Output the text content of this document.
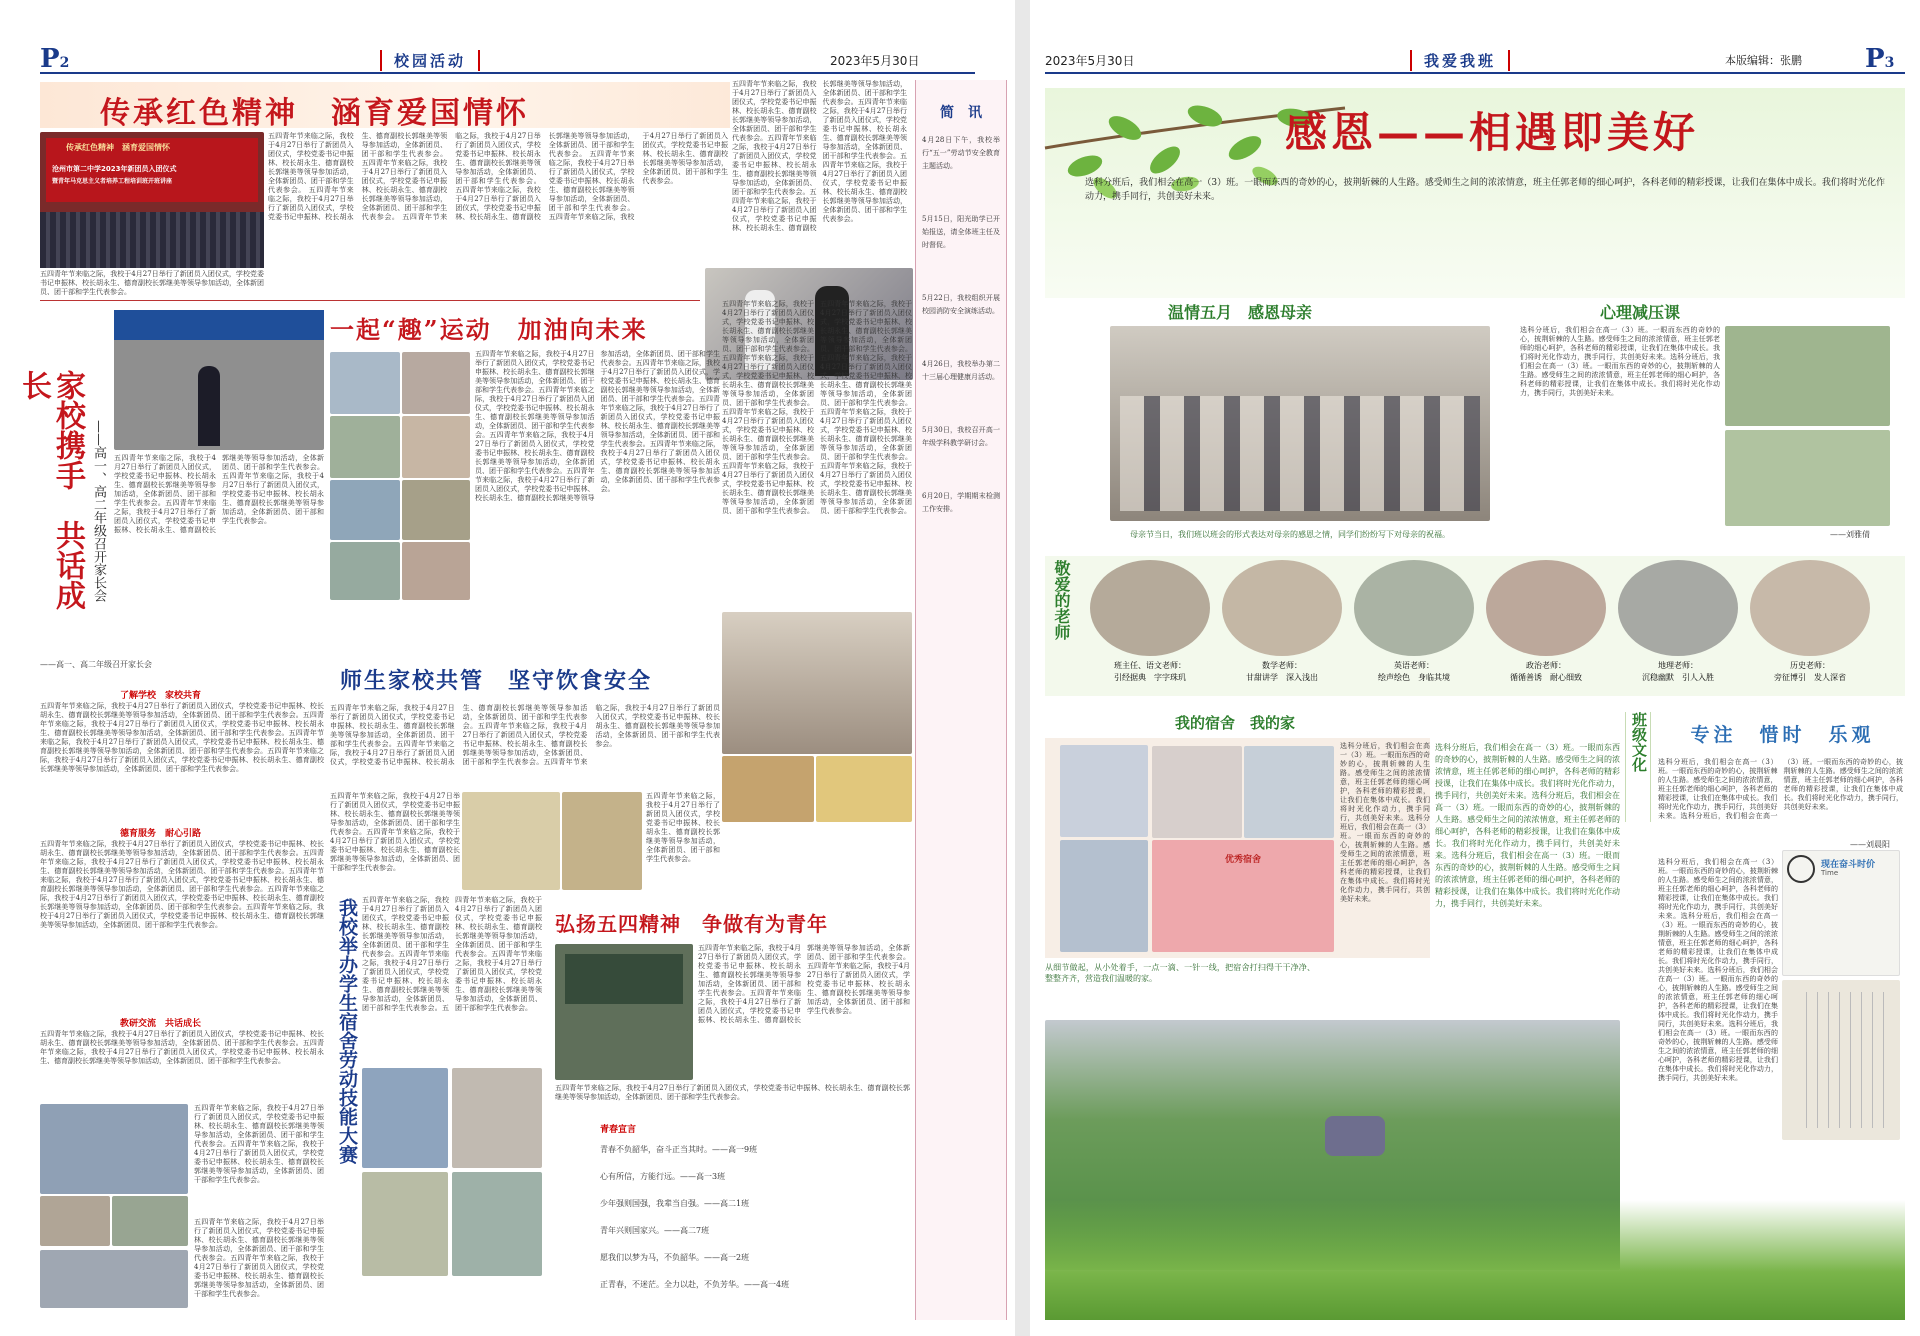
P2	校园活动	2023年5月30日
传承红色精神　涵育爱国情怀
传承红色精神　涵育爱国情怀
沧州市第二中学2023年新团员入团仪式
暨青年马克思主义者培养工程培训班开班讲座
五四青年节来临之际，我校于4月27日举行了新团员入团仪式，学校党委书记申振林、校长胡永生、德育副校长郭继美等领导参加活动，全体新团员、团干部和学生代表参会。 五四青年节来临之际，我校于4月27日举行了新团员入团仪式，学校党委书记申振林、校长胡永生、德育副校长郭继美等领导参加活动，全体新团员、团干部和学生代表参会。 五四青年节来临之际，我校于4月27日举行了新团员入团仪式，学校党委书记申振林、校长胡永生、德育副校长郭继美等领导参加活动，全体新团员、团干部和学生代表参会。 五四青年节来临之际，我校于4月27日举行了新团员入团仪式，学校党委书记申振林、校长胡永生、德育副校长郭继美等领导参加活动，全体新团员、团干部和学生代表参会。 五四青年节来临之际，我校于4月27日举行了新团员入团仪式，学校党委书记申振林、校长胡永生、德育副校长郭继美等领导参加活动，全体新团员、团干部和学生代表参会。 五四青年节来临之际，我校于4月27日举行了新团员入团仪式，学校党委书记申振林、校长胡永生、德育副校长郭继美等领导参加活动，全体新团员、团干部和学生代表参会。 五四青年节来临之际，我校于4月27日举行了新团员入团仪式，学校党委书记申振林、校长胡永生、德育副校长郭继美等领导参加活动，全体新团员、团干部和学生代表参会。
五四青年节来临之际，我校于4月27日举行了新团员入团仪式，学校党委书记申振林、校长胡永生、德育副校长郭继美等领导参加活动，全体新团员、团干部和学生代表参会。
五四青年节来临之际，我校于4月27日举行了新团员入团仪式，学校党委书记申振林、校长胡永生、德育副校长郭继美等领导参加活动，全体新团员、团干部和学生代表参会。五四青年节来临之际，我校于4月27日举行了新团员入团仪式，学校党委书记申振林、校长胡永生、德育副校长郭继美等领导参加活动，全体新团员、团干部和学生代表参会。五四青年节来临之际，我校于4月27日举行了新团员入团仪式，学校党委书记申振林、校长胡永生、德育副校长郭继美等领导参加活动，全体新团员、团干部和学生代表参会。五四青年节来临之际，我校于4月27日举行了新团员入团仪式，学校党委书记申振林、校长胡永生、德育副校长郭继美等领导参加活动，全体新团员、团干部和学生代表参会。五四青年节来临之际，我校于4月27日举行了新团员入团仪式，学校党委书记申振林、校长胡永生、德育副校长郭继美等领导参加活动，全体新团员、团干部和学生代表参会。
家校携手　共话成长
——高一、高二年级召开家长会 五四青年节来临之际，我校于4月27日举行了新团员入团仪式，学校党委书记申振林、校长胡永生、德育副校长郭继美等领导参加活动，全体新团员、团干部和学生代表参会。五四青年节来临之际，我校于4月27日举行了新团员入团仪式，学校党委书记申振林、校长胡永生、德育副校长郭继美等领导参加活动，全体新团员、团干部和学生代表参会。五四青年节来临之际，我校于4月27日举行了新团员入团仪式，学校党委书记申振林、校长胡永生、德育副校长郭继美等领导参加活动，全体新团员、团干部和学生代表参会。
一起“趣”运动　加油向未来
五四青年节来临之际，我校于4月27日举行了新团员入团仪式，学校党委书记申振林、校长胡永生、德育副校长郭继美等领导参加活动，全体新团员、团干部和学生代表参会。五四青年节来临之际，我校于4月27日举行了新团员入团仪式，学校党委书记申振林、校长胡永生、德育副校长郭继美等领导参加活动，全体新团员、团干部和学生代表参会。五四青年节来临之际，我校于4月27日举行了新团员入团仪式，学校党委书记申振林、校长胡永生、德育副校长郭继美等领导参加活动，全体新团员、团干部和学生代表参会。五四青年节来临之际，我校于4月27日举行了新团员入团仪式，学校党委书记申振林、校长胡永生、德育副校长郭继美等领导参加活动，全体新团员、团干部和学生代表参会。五四青年节来临之际，我校于4月27日举行了新团员入团仪式，学校党委书记申振林、校长胡永生、德育副校长郭继美等领导参加活动，全体新团员、团干部和学生代表参会。五四青年节来临之际，我校于4月27日举行了新团员入团仪式，学校党委书记申振林、校长胡永生、德育副校长郭继美等领导参加活动，全体新团员、团干部和学生代表参会。五四青年节来临之际，我校于4月27日举行了新团员入团仪式，学校党委书记申振林、校长胡永生、德育副校长郭继美等领导参加活动，全体新团员、团干部和学生代表参会。
五四青年节来临之际，我校于4月27日举行了新团员入团仪式，学校党委书记申振林、校长胡永生、德育副校长郭继美等领导参加活动，全体新团员、团干部和学生代表参会。五四青年节来临之际，我校于4月27日举行了新团员入团仪式，学校党委书记申振林、校长胡永生、德育副校长郭继美等领导参加活动，全体新团员、团干部和学生代表参会。五四青年节来临之际，我校于4月27日举行了新团员入团仪式，学校党委书记申振林、校长胡永生、德育副校长郭继美等领导参加活动，全体新团员、团干部和学生代表参会。五四青年节来临之际，我校于4月27日举行了新团员入团仪式，学校党委书记申振林、校长胡永生、德育副校长郭继美等领导参加活动，全体新团员、团干部和学生代表参会。五四青年节来临之际，我校于4月27日举行了新团员入团仪式，学校党委书记申振林、校长胡永生、德育副校长郭继美等领导参加活动，全体新团员、团干部和学生代表参会。五四青年节来临之际，我校于4月27日举行了新团员入团仪式，学校党委书记申振林、校长胡永生、德育副校长郭继美等领导参加活动，全体新团员、团干部和学生代表参会。五四青年节来临之际，我校于4月27日举行了新团员入团仪式，学校党委书记申振林、校长胡永生、德育副校长郭继美等领导参加活动，全体新团员、团干部和学生代表参会。五四青年节来临之际，我校于4月27日举行了新团员入团仪式，学校党委书记申振林、校长胡永生、德育副校长郭继美等领导参加活动，全体新团员、团干部和学生代表参会。
——高一、高二年级召开家长会
了解学校　家校共育
五四青年节来临之际，我校于4月27日举行了新团员入团仪式，学校党委书记申振林、校长胡永生、德育副校长郭继美等领导参加活动，全体新团员、团干部和学生代表参会。五四青年节来临之际，我校于4月27日举行了新团员入团仪式，学校党委书记申振林、校长胡永生、德育副校长郭继美等领导参加活动，全体新团员、团干部和学生代表参会。五四青年节来临之际，我校于4月27日举行了新团员入团仪式，学校党委书记申振林、校长胡永生、德育副校长郭继美等领导参加活动，全体新团员、团干部和学生代表参会。五四青年节来临之际，我校于4月27日举行了新团员入团仪式，学校党委书记申振林、校长胡永生、德育副校长郭继美等领导参加活动，全体新团员、团干部和学生代表参会。
德育服务　耐心引路
五四青年节来临之际，我校于4月27日举行了新团员入团仪式，学校党委书记申振林、校长胡永生、德育副校长郭继美等领导参加活动，全体新团员、团干部和学生代表参会。五四青年节来临之际，我校于4月27日举行了新团员入团仪式，学校党委书记申振林、校长胡永生、德育副校长郭继美等领导参加活动，全体新团员、团干部和学生代表参会。五四青年节来临之际，我校于4月27日举行了新团员入团仪式，学校党委书记申振林、校长胡永生、德育副校长郭继美等领导参加活动，全体新团员、团干部和学生代表参会。五四青年节来临之际，我校于4月27日举行了新团员入团仪式，学校党委书记申振林、校长胡永生、德育副校长郭继美等领导参加活动，全体新团员、团干部和学生代表参会。五四青年节来临之际，我校于4月27日举行了新团员入团仪式，学校党委书记申振林、校长胡永生、德育副校长郭继美等领导参加活动，全体新团员、团干部和学生代表参会。
教研交流　共话成长
五四青年节来临之际，我校于4月27日举行了新团员入团仪式，学校党委书记申振林、校长胡永生、德育副校长郭继美等领导参加活动，全体新团员、团干部和学生代表参会。五四青年节来临之际，我校于4月27日举行了新团员入团仪式，学校党委书记申振林、校长胡永生、德育副校长郭继美等领导参加活动，全体新团员、团干部和学生代表参会。
五四青年节来临之际，我校于4月27日举行了新团员入团仪式，学校党委书记申振林、校长胡永生、德育副校长郭继美等领导参加活动，全体新团员、团干部和学生代表参会。五四青年节来临之际，我校于4月27日举行了新团员入团仪式，学校党委书记申振林、校长胡永生、德育副校长郭继美等领导参加活动，全体新团员、团干部和学生代表参会。
五四青年节来临之际，我校于4月27日举行了新团员入团仪式，学校党委书记申振林、校长胡永生、德育副校长郭继美等领导参加活动，全体新团员、团干部和学生代表参会。五四青年节来临之际，我校于4月27日举行了新团员入团仪式，学校党委书记申振林、校长胡永生、德育副校长郭继美等领导参加活动，全体新团员、团干部和学生代表参会。
师生家校共管　坚守饮食安全
五四青年节来临之际，我校于4月27日举行了新团员入团仪式，学校党委书记申振林、校长胡永生、德育副校长郭继美等领导参加活动，全体新团员、团干部和学生代表参会。五四青年节来临之际，我校于4月27日举行了新团员入团仪式，学校党委书记申振林、校长胡永生、德育副校长郭继美等领导参加活动，全体新团员、团干部和学生代表参会。五四青年节来临之际，我校于4月27日举行了新团员入团仪式，学校党委书记申振林、校长胡永生、德育副校长郭继美等领导参加活动，全体新团员、团干部和学生代表参会。五四青年节来临之际，我校于4月27日举行了新团员入团仪式，学校党委书记申振林、校长胡永生、德育副校长郭继美等领导参加活动，全体新团员、团干部和学生代表参会。
五四青年节来临之际，我校于4月27日举行了新团员入团仪式，学校党委书记申振林、校长胡永生、德育副校长郭继美等领导参加活动，全体新团员、团干部和学生代表参会。五四青年节来临之际，我校于4月27日举行了新团员入团仪式，学校党委书记申振林、校长胡永生、德育副校长郭继美等领导参加活动，全体新团员、团干部和学生代表参会。
五四青年节来临之际，我校于4月27日举行了新团员入团仪式，学校党委书记申振林、校长胡永生、德育副校长郭继美等领导参加活动，全体新团员、团干部和学生代表参会。
我校举办学生宿舍劳动技能大赛 五四青年节来临之际，我校于4月27日举行了新团员入团仪式，学校党委书记申振林、校长胡永生、德育副校长郭继美等领导参加活动，全体新团员、团干部和学生代表参会。五四青年节来临之际，我校于4月27日举行了新团员入团仪式，学校党委书记申振林、校长胡永生、德育副校长郭继美等领导参加活动，全体新团员、团干部和学生代表参会。五四青年节来临之际，我校于4月27日举行了新团员入团仪式，学校党委书记申振林、校长胡永生、德育副校长郭继美等领导参加活动，全体新团员、团干部和学生代表参会。五四青年节来临之际，我校于4月27日举行了新团员入团仪式，学校党委书记申振林、校长胡永生、德育副校长郭继美等领导参加活动，全体新团员、团干部和学生代表参会。
弘扬五四精神　争做有为青年
五四青年节来临之际，我校于4月27日举行了新团员入团仪式，学校党委书记申振林、校长胡永生、德育副校长郭继美等领导参加活动，全体新团员、团干部和学生代表参会。五四青年节来临之际，我校于4月27日举行了新团员入团仪式，学校党委书记申振林、校长胡永生、德育副校长郭继美等领导参加活动，全体新团员、团干部和学生代表参会。五四青年节来临之际，我校于4月27日举行了新团员入团仪式，学校党委书记申振林、校长胡永生、德育副校长郭继美等领导参加活动，全体新团员、团干部和学生代表参会。
五四青年节来临之际，我校于4月27日举行了新团员入团仪式，学校党委书记申振林、校长胡永生、德育副校长郭继美等领导参加活动，全体新团员、团干部和学生代表参会。
青春宣言
青春不负韶华，奋斗正当其时。——高一9班
心有所信，方能行远。——高一3班
少年强则国强，我辈当自强。——高二1班
青年兴则国家兴。——高二7班
愿我们以梦为马，不负韶华。——高一2班
正青春，不迷茫。全力以赴，不负芳华。——高一4班
简　讯

4月28日下午，我校举行“五一”劳动节安全教育主题活动。

5月15日，阳光助学已开始报送，请全体班主任及时督促。

5月22日，我校组织开展校园消防安全演练活动。

4月26日，我校举办第二十三届心理健康月活动。

5月30日，我校召开高一年级学科教学研讨会。

6月20日，学期期末检测工作安排。

2023年5月30日	我爱我班	本版编辑：张鹏 P3
感恩——相遇即美好
选科分班后，我们相会在高一（3）班。一眼而东西的奇妙的心，披荆斩棘的人生路。感受师生之间的浓浓情意，班主任郭老师的细心呵护，各科老师的精彩授课，让我们在集体中成长。我们将时光化作动力，携手同行，共创美好未来。
温情五月　感恩母亲
母亲节当日，我们班以班会的形式表达对母亲的感恩之情，同学们纷纷写下对母亲的祝福。
心理减压课
选科分班后，我们相会在高一（3）班。一眼而东西的奇妙的心，披荆斩棘的人生路。感受师生之间的浓浓情意，班主任郭老师的细心呵护，各科老师的精彩授课，让我们在集体中成长。我们将时光化作动力，携手同行，共创美好未来。选科分班后，我们相会在高一（3）班。一眼而东西的奇妙的心，披荆斩棘的人生路。感受师生之间的浓浓情意，班主任郭老师的细心呵护，各科老师的精彩授课，让我们在集体中成长。我们将时光化作动力，携手同行，共创美好未来。
——刘雅倩
敬爱的老师
班主任、语文老师：
引经据典　字字珠玑
数学老师：
甘甜讲学　深入浅出
英语老师：
绘声绘色　身临其境
政治老师：
循循善诱　耐心细致
地理老师：
沉稳幽默　引人入胜
历史老师：
旁征博引　发人深省
我的宿舍　我的家
优秀宿舍
选科分班后，我们相会在高一（3）班。一眼而东西的奇妙的心，披荆斩棘的人生路。感受师生之间的浓浓情意，班主任郭老师的细心呵护，各科老师的精彩授课，让我们在集体中成长。我们将时光化作动力，携手同行，共创美好未来。选科分班后，我们相会在高一（3）班。一眼而东西的奇妙的心，披荆斩棘的人生路。感受师生之间的浓浓情意，班主任郭老师的细心呵护，各科老师的精彩授课，让我们在集体中成长。我们将时光化作动力，携手同行，共创美好未来。
选科分班后，我们相会在高一（3）班。一眼而东西的奇妙的心，披荆斩棘的人生路。感受师生之间的浓浓情意，班主任郭老师的细心呵护，各科老师的精彩授课，让我们在集体中成长。我们将时光化作动力，携手同行，共创美好未来。选科分班后，我们相会在高一（3）班。一眼而东西的奇妙的心，披荆斩棘的人生路。感受师生之间的浓浓情意，班主任郭老师的细心呵护，各科老师的精彩授课，让我们在集体中成长。我们将时光化作动力，携手同行，共创美好未来。选科分班后，我们相会在高一（3）班。一眼而东西的奇妙的心，披荆斩棘的人生路。感受师生之间的浓浓情意，班主任郭老师的细心呵护，各科老师的精彩授课，让我们在集体中成长。我们将时光化作动力，携手同行，共创美好未来。
从细节做起，从小处着手，一点一滴、一针一线，把宿舍打扫得干干净净、整整齐齐，营造我们温暖的家。
班级文化	专注　惜时　乐观
选科分班后，我们相会在高一（3）班。一眼而东西的奇妙的心，披荆斩棘的人生路。感受师生之间的浓浓情意，班主任郭老师的细心呵护，各科老师的精彩授课，让我们在集体中成长。我们将时光化作动力，携手同行，共创美好未来。选科分班后，我们相会在高一（3）班。一眼而东西的奇妙的心，披荆斩棘的人生路。感受师生之间的浓浓情意，班主任郭老师的细心呵护，各科老师的精彩授课，让我们在集体中成长。我们将时光化作动力，携手同行，共创美好未来。
——刘晨阳
选科分班后，我们相会在高一（3）班。一眼而东西的奇妙的心，披荆斩棘的人生路。感受师生之间的浓浓情意，班主任郭老师的细心呵护，各科老师的精彩授课，让我们在集体中成长。我们将时光化作动力，携手同行，共创美好未来。选科分班后，我们相会在高一（3）班。一眼而东西的奇妙的心，披荆斩棘的人生路。感受师生之间的浓浓情意，班主任郭老师的细心呵护，各科老师的精彩授课，让我们在集体中成长。我们将时光化作动力，携手同行，共创美好未来。选科分班后，我们相会在高一（3）班。一眼而东西的奇妙的心，披荆斩棘的人生路。感受师生之间的浓浓情意，班主任郭老师的细心呵护，各科老师的精彩授课，让我们在集体中成长。我们将时光化作动力，携手同行，共创美好未来。选科分班后，我们相会在高一（3）班。一眼而东西的奇妙的心，披荆斩棘的人生路。感受师生之间的浓浓情意，班主任郭老师的细心呵护，各科老师的精彩授课，让我们在集体中成长。我们将时光化作动力，携手同行，共创美好未来。
现在奋斗时价
Time
